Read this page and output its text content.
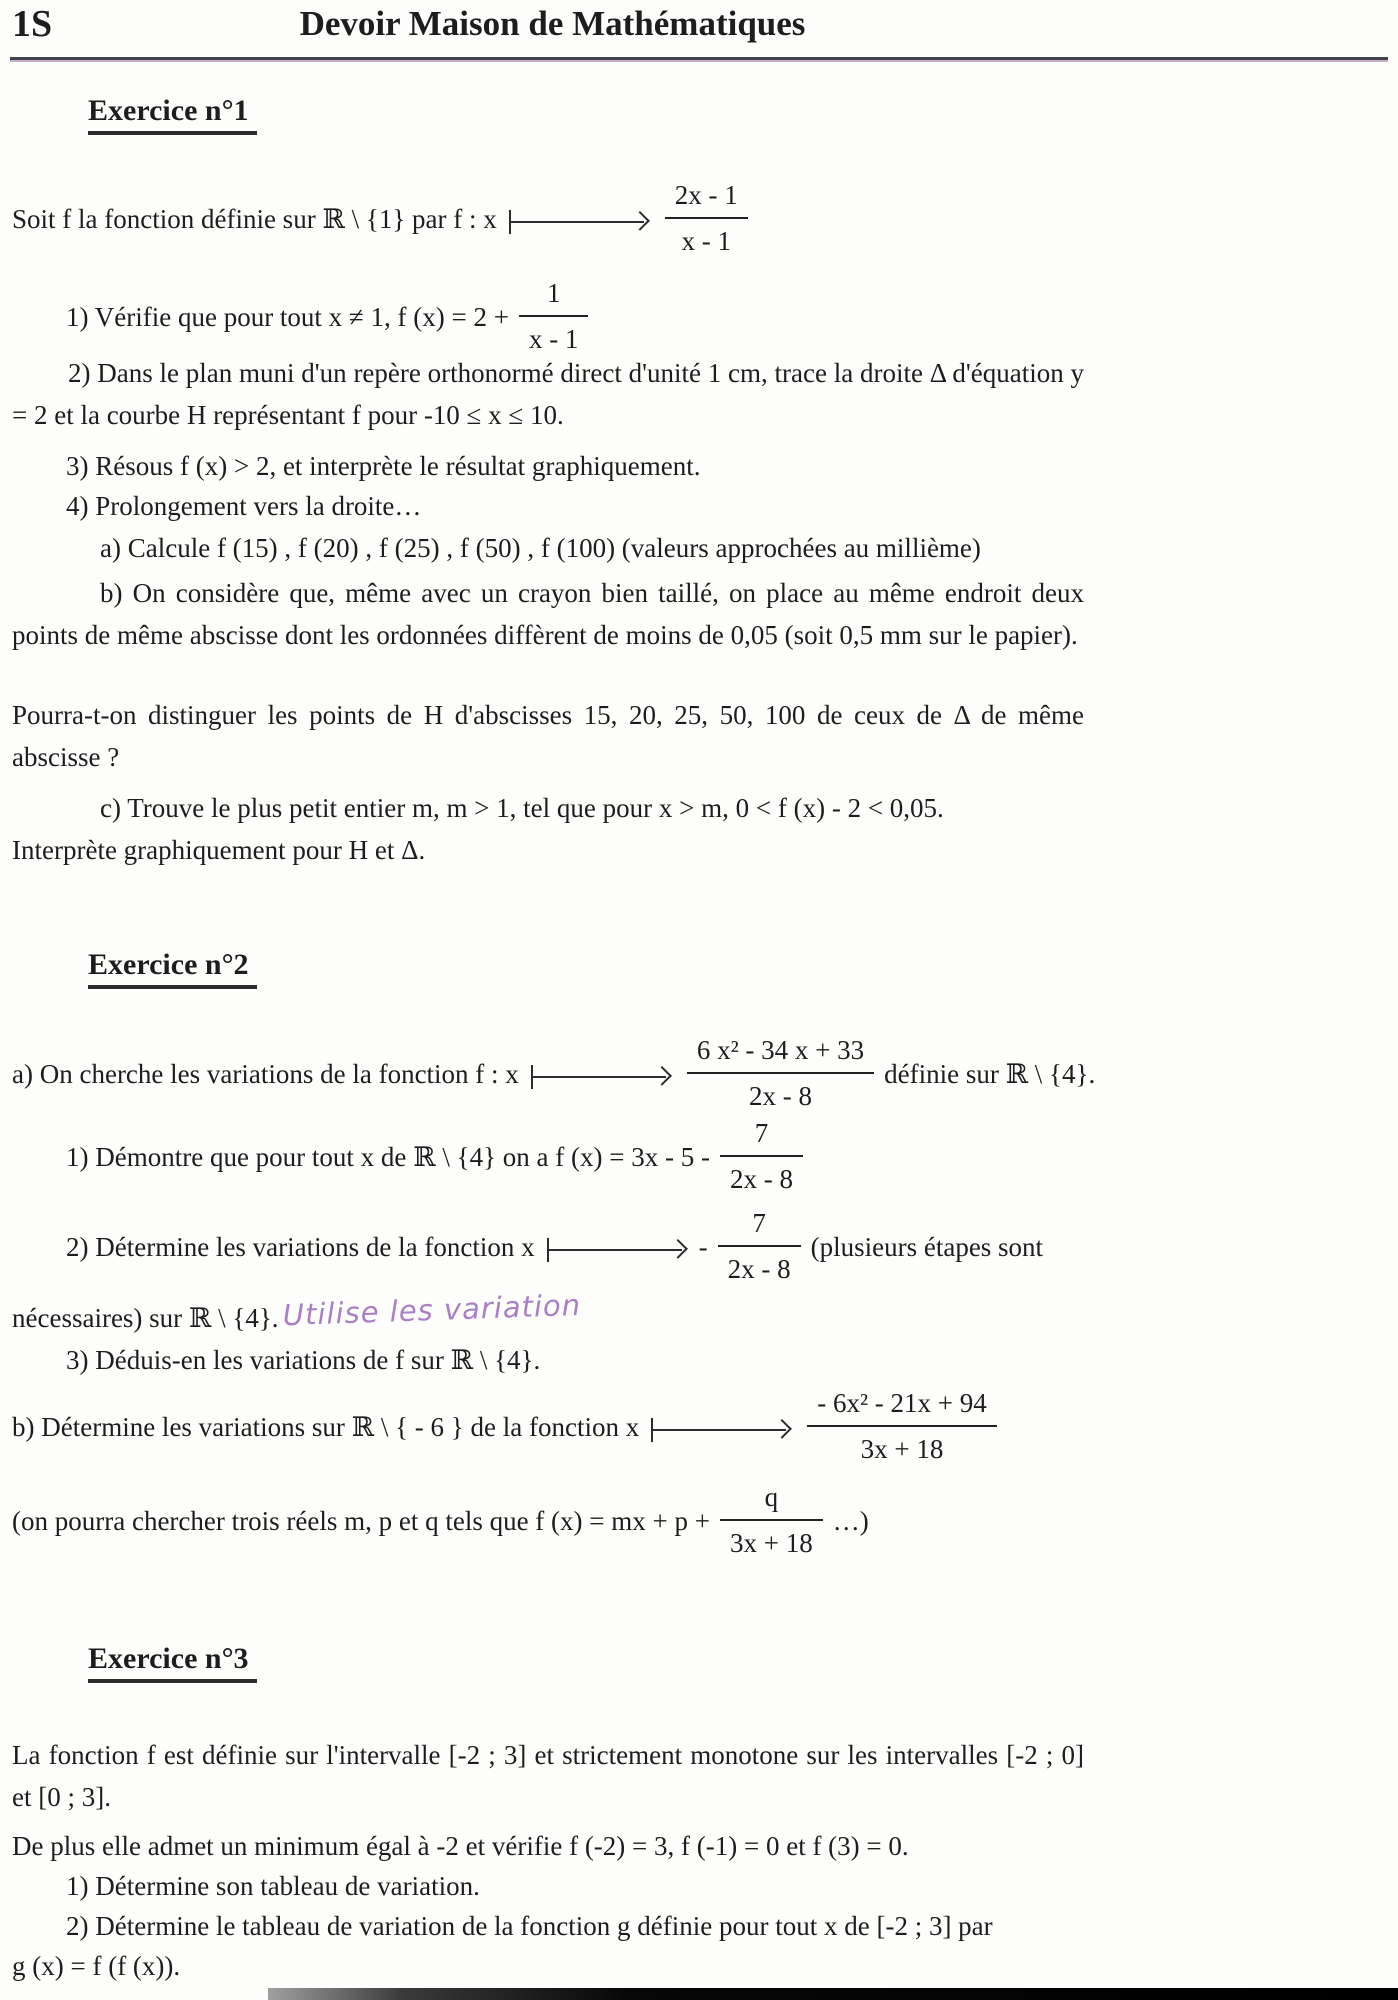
1S	Devoir Maison de Mathématiques
Exercice n°1
Soit f la fonction définie sur ℝ \ {1} par f : x	$\frac{2x - 1}{x - 1}$
1) Vérifie que pour tout x ≠ 1, f $(x) = 2 + \frac{1}{x - 1}$
2) Dans le plan muni d'un repère orthonormé direct d'unité 1 cm, trace la droite Δ d'équation y = 2 et la courbe H représentant f pour -10 ≤ x ≤ 10.
3) Résous f (x) > 2, et interprète le résultat graphiquement.
4) Prolongement vers la droite…
a) Calcule f (15) , f (20) , f (25) , f (50) , f (100) (valeurs approchées au millième)
b) On considère que, même avec un crayon bien taillé, on place au même endroit deux points de même abscisse dont les ordonnées diffèrent de moins de 0,05 (soit 0,5 mm sur le papier).
Pourra-t-on distinguer les points de H d'abscisses 15, 20, 25, 50, 100 de ceux de Δ de même abscisse ?
c) Trouve le plus petit entier m, m > 1, tel que pour x > m, 0 < f (x) - 2 < 0,05.
Interprète graphiquement pour H et Δ.
Exercice n°2
a) On cherche les variations de la fonction f : x	$\frac{\text{6 x² - 34 x + 33}}{2x - 8}$ définie sur ℝ \ {4}.
1) Démontre que pour tout x de ℝ \ {4} on a f $(x) = 3x - 5 - \frac{7}{2x - 8}$
2) Détermine les variations de la fonction x	- $\frac{7}{2x - 8}$ (plusieurs étapes sont
nécessaires) sur ℝ \ {4}. Utilise les variation
3) Déduis-en les variations de f sur ℝ \ {4}.
b) Détermine les variations sur ℝ \ { - 6 } de la fonction x	$\frac{\text{- 6x² - 21x + 94}}{3x + 18}$
(on pourra chercher trois réels m, p et q tels que f (x) = mx + $p + \frac{q}{3x + 18}$ …)
Exercice n°3
La fonction f est définie sur l'intervalle [-2 ; 3] et strictement monotone sur les intervalles [-2 ; 0] et [0 ; 3].
De plus elle admet un minimum égal à -2 et vérifie f (-2) = 3, f (-1) = 0 et f (3) = 0.
1) Détermine son tableau de variation.
2) Détermine le tableau de variation de la fonction g définie pour tout x de [-2 ; 3] par
g (x) = f (f (x)).
